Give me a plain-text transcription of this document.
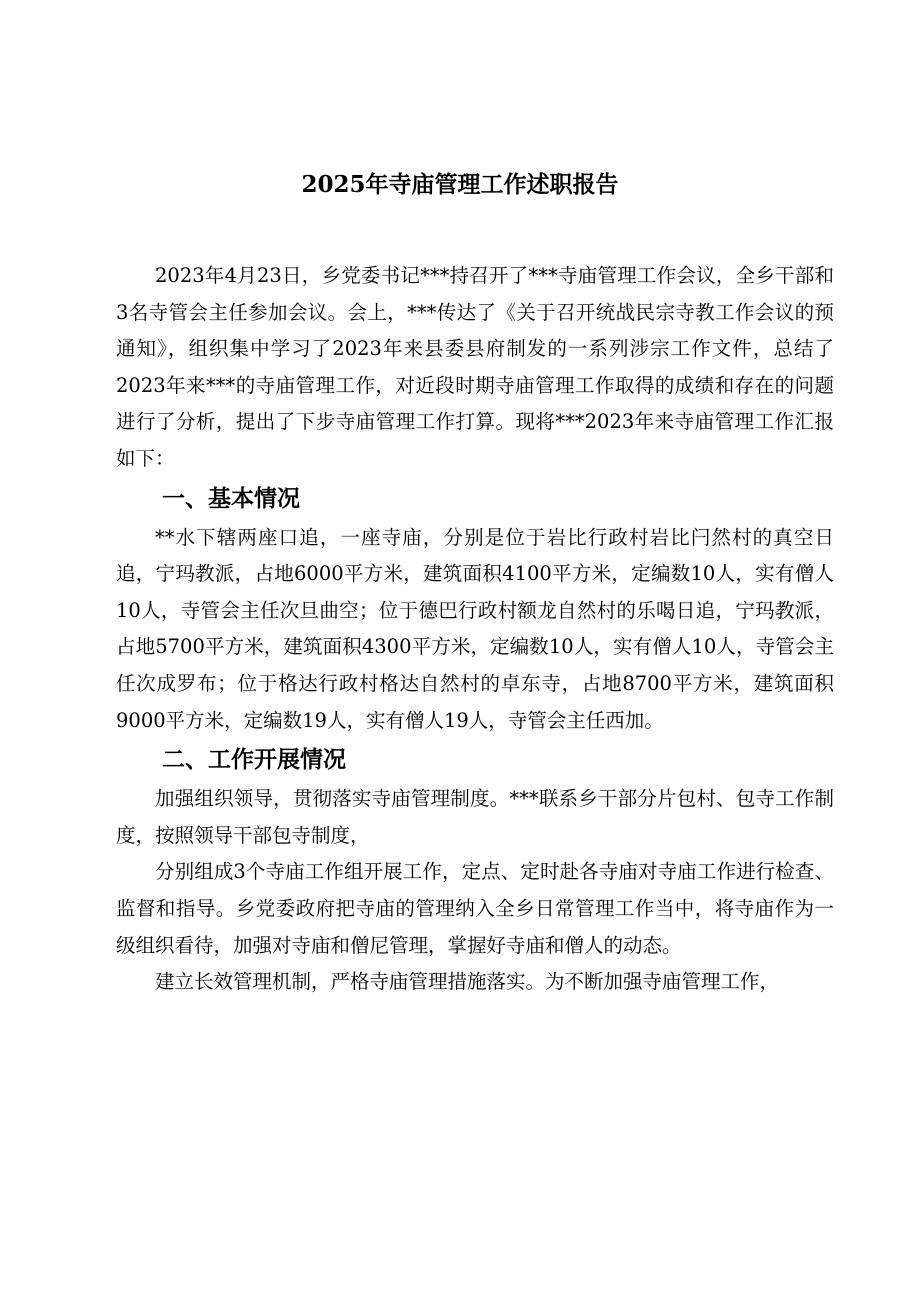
2025年寺庙管理工作述职报告

2023年4月23日，乡党委书记***持召开了***寺庙管理工作会议，全乡干部和3名寺管会主任参加会议。会上，***传达了《关于召开统战民宗寺教工作会议的预通知》，组织集中学习了2023年来县委县府制发的一系列涉宗工作文件，总结了2023年来***的寺庙管理工作，对近段时期寺庙管理工作取得的成绩和存在的问题进行了分析，提出了下步寺庙管理工作打算。现将***2023年来寺庙管理工作汇报如下：

一、基本情况

**水下辖两座口追，一座寺庙，分别是位于岩比行政村岩比闩然村的真空日追，宁玛教派，占地6000平方米，建筑面积4100平方米，定编数10人，实有僧人10人，寺管会主任次旦曲空；位于德巴行政村额龙自然村的乐喝日追，宁玛教派，占地5700平方米，建筑面积4300平方米，定编数10人，实有僧人10人，寺管会主任次成罗布；位于格达行政村格达自然村的卓东寺，占地8700平方米，建筑面积9000平方米，定编数19人，实有僧人19人，寺管会主任西加。

二、工作开展情况

加强组织领导，贯彻落实寺庙管理制度。***联系乡干部分片包村、包寺工作制度，按照领导干部包寺制度，

分别组成3个寺庙工作组开展工作，定点、定时赴各寺庙对寺庙工作进行检查、监督和指导。乡党委政府把寺庙的管理纳入全乡日常管理工作当中，将寺庙作为一级组织看待，加强对寺庙和僧尼管理，掌握好寺庙和僧人的动态。

建立长效管理机制，严格寺庙管理措施落实。为不断加强寺庙管理工作，
